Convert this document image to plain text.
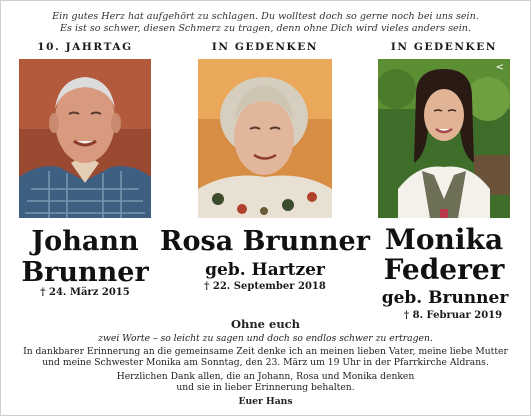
Ein gutes Herz hat aufgehört zu schlagen. Du wolltest doch so gerne noch bei uns sein.
Es ist so schwer, diesen Schmerz zu tragen, denn ohne Dich wird vieles anders sein.
10. JAHRTAG
Johann
Brunner
† 24. März 2015
IN GEDENKEN
Rosa Brunner
geb. Hartzer
† 22. September 2018
IN GEDENKEN
<
Monika
Federer
geb. Brunner
† 8. Februar 2019
Ohne euch
zwei Worte – so leicht zu sagen und doch so endlos schwer zu ertragen.
In dankbarer Erinnerung an die gemeinsame Zeit denke ich an meinen lieben Vater, meine liebe Mutter
und meine Schwester Monika am Sonntag, den 23. März um 19 Uhr in der Pfarrkirche Aldrans.
Herzlichen Dank allen, die an Johann, Rosa und Monika denken
und sie in lieber Erinnerung behalten.
Euer Hans
